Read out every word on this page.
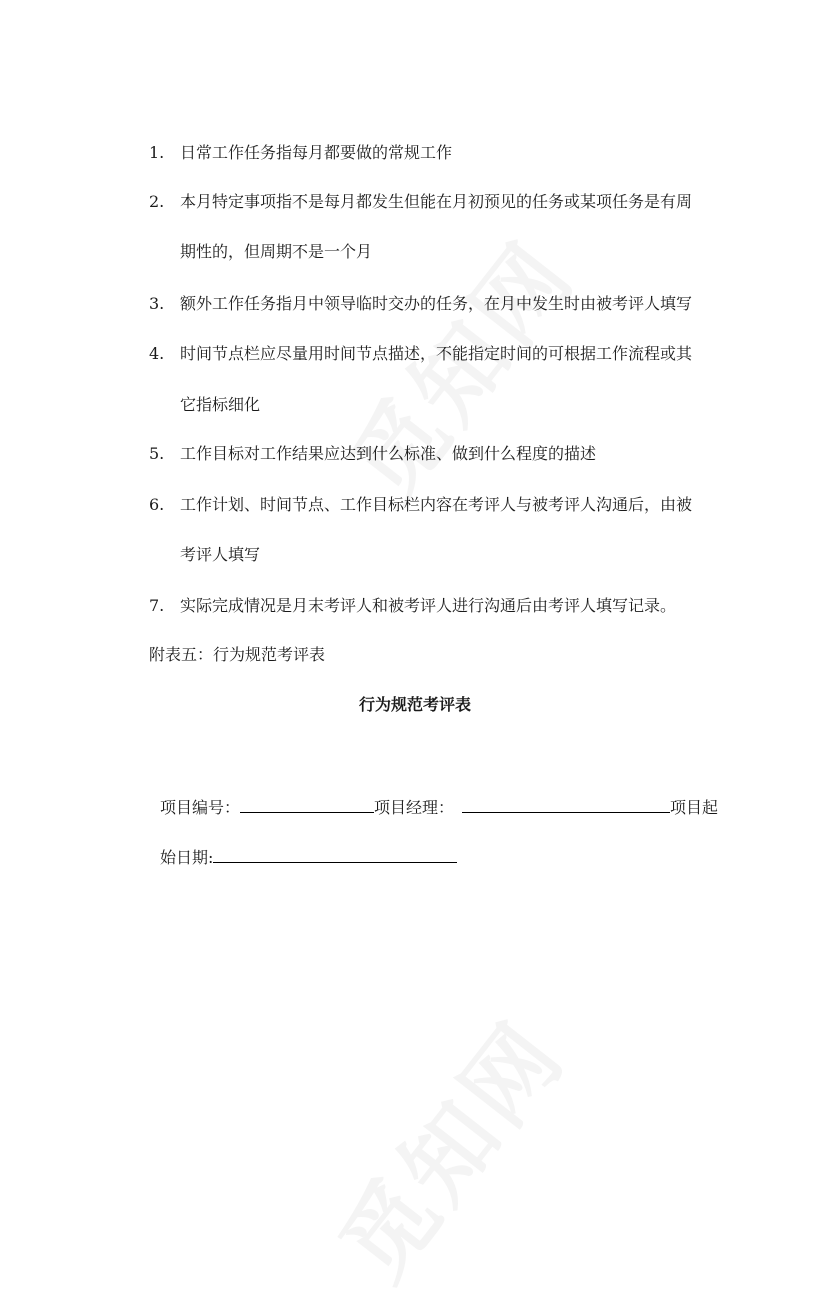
1. 日常工作任务指每月都要做的常规工作
2. 本月特定事项指不是每月都发生但能在月初预见的任务或某项任务是有周
期性的，但周期不是一个月
3. 额外工作任务指月中领导临时交办的任务，在月中发生时由被考评人填写
4. 时间节点栏应尽量用时间节点描述，不能指定时间的可根据工作流程或其
它指标细化
5. 工作目标对工作结果应达到什么标准、做到什么程度的描述
6. 工作计划、时间节点、工作目标栏内容在考评人与被考评人沟通后，由被
考评人填写
7. 实际完成情况是月末考评人和被考评人进行沟通后由考评人填写记录。
附表五：行为规范考评表
行为规范考评表
项目编号：	项目经理：	项目起
始日期:
